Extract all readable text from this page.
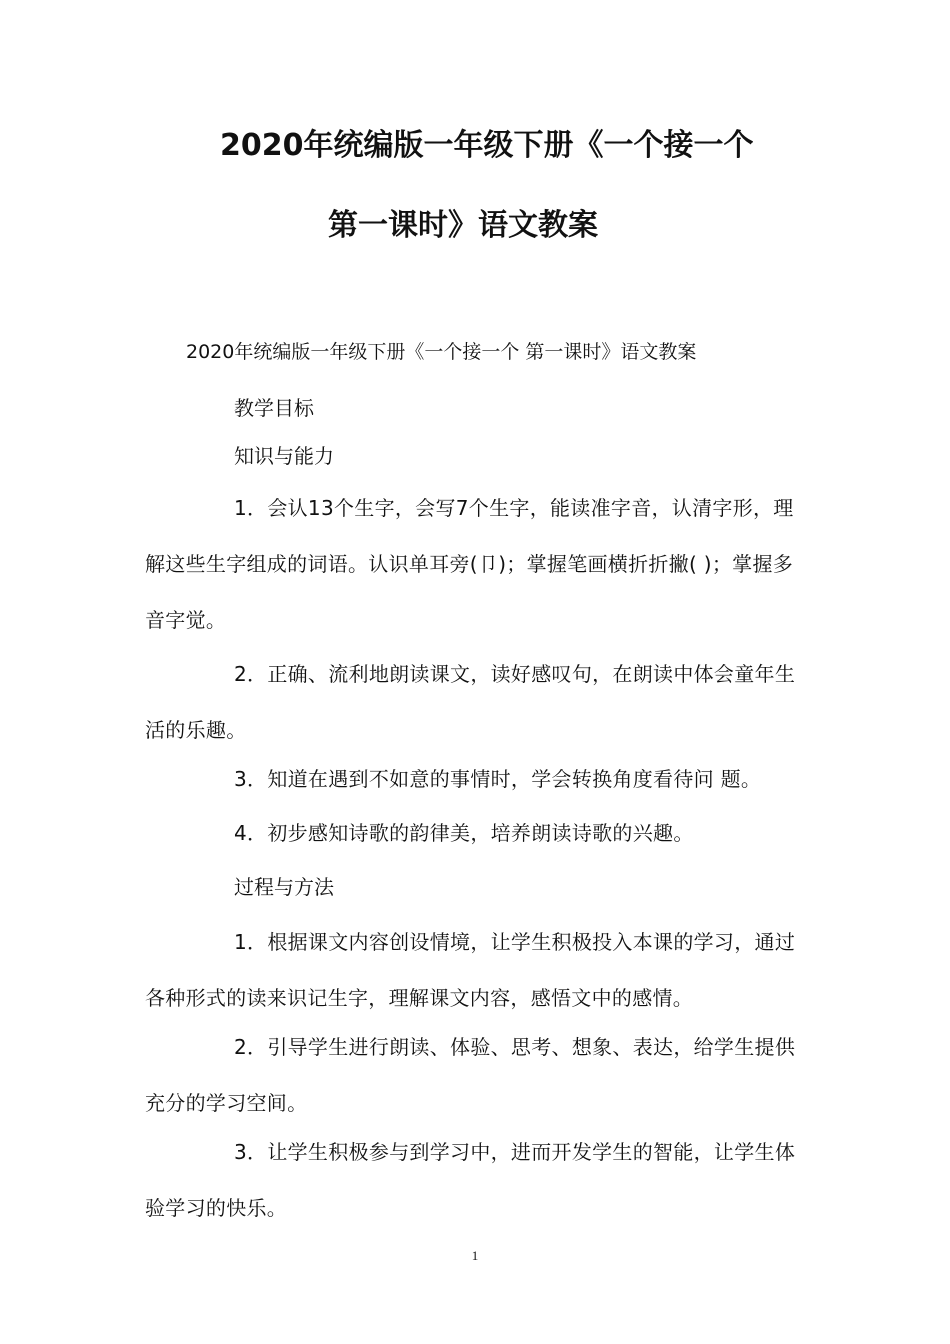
2020年统编版一年级下册《一个接一个
第一课时》语文教案
2020年统编版一年级下册《一个接一个 第一课时》语文教案
教学目标
知识与能力
1．会认13个生字，会写7个生字，能读准字音，认清字形，理解这些生字组成的词语。认识单耳旁(卩)；掌握笔画横折折撇( )；掌握多音字觉。
2．正确、流利地朗读课文，读好感叹句，在朗读中体会童年生活的乐趣。
3．知道在遇到不如意的事情时，学会转换角度看待问 题。
4．初步感知诗歌的韵律美，培养朗读诗歌的兴趣。
过程与方法
1．根据课文内容创设情境，让学生积极投入本课的学习，通过各种形式的读来识记生字，理解课文内容，感悟文中的感情。
2．引导学生进行朗读、体验、思考、想象、表达，给学生提供充分的学习空间。
3．让学生积极参与到学习中，进而开发学生的智能，让学生体验学习的快乐。
1
